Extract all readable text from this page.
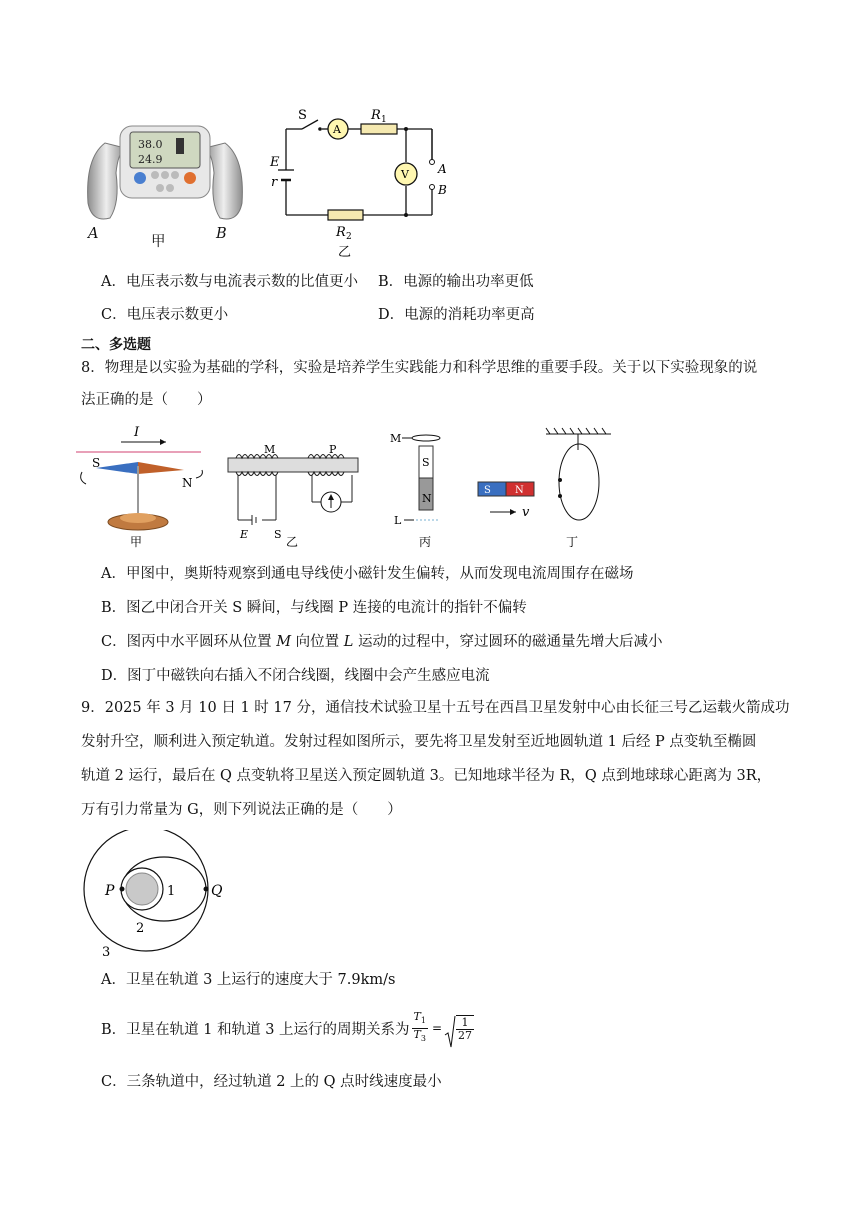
38.0
24.9
A	甲	B
A
V
S	R 1
E
r
A
B
R 2
乙
A．电压表示数与电流表示数的比值更小 B．电源的输出功率更低
C．电压表示数更小	D．电源的消耗功率更高
二、多选题
8．物理是以实验为基础的学科，实验是培养学生实践能力和科学思维的重要手段。关于以下实验现象的说
法正确的是（　　）
I
S
N
甲
M	P
E S
乙
M
S
N
L
丙
S N
v
丁
A．甲图中，奥斯特观察到通电导线使小磁针发生偏转，从而发现电流周围存在磁场
B．图乙中闭合开关 S 瞬间，与线圈 P 连接的电流计的指针不偏转
C．图丙中水平圆环从位置 M 向位置 L 运动的过程中，穿过圆环的磁通量先增大后减小
D．图丁中磁铁向右插入不闭合线圈，线圈中会产生感应电流
9．2025 年 3 月 10 日 1 时 17 分，通信技术试验卫星十五号在西昌卫星发射中心由长征三号乙运载火箭成功
发射升空，顺利进入预定轨道。发射过程如图所示，要先将卫星发射至近地圆轨道 1 后经 P 点变轨至椭圆
轨道 2 运行，最后在 Q 点变轨将卫星送入预定圆轨道 3。已知地球半径为 R，Q 点到地球球心距离为 3R，
万有引力常量为 G，则下列说法正确的是（　　）
P	1	Q
2
3
A．卫星在轨道 3 上运行的速度大于 7.9km/s
B．卫星在轨道 1 和轨道 3 上运行的周期关系为 $\frac{T_1}{T_3} = \frac{1}{27}$
C．三条轨道中，经过轨道 2 上的 Q 点时线速度最小
